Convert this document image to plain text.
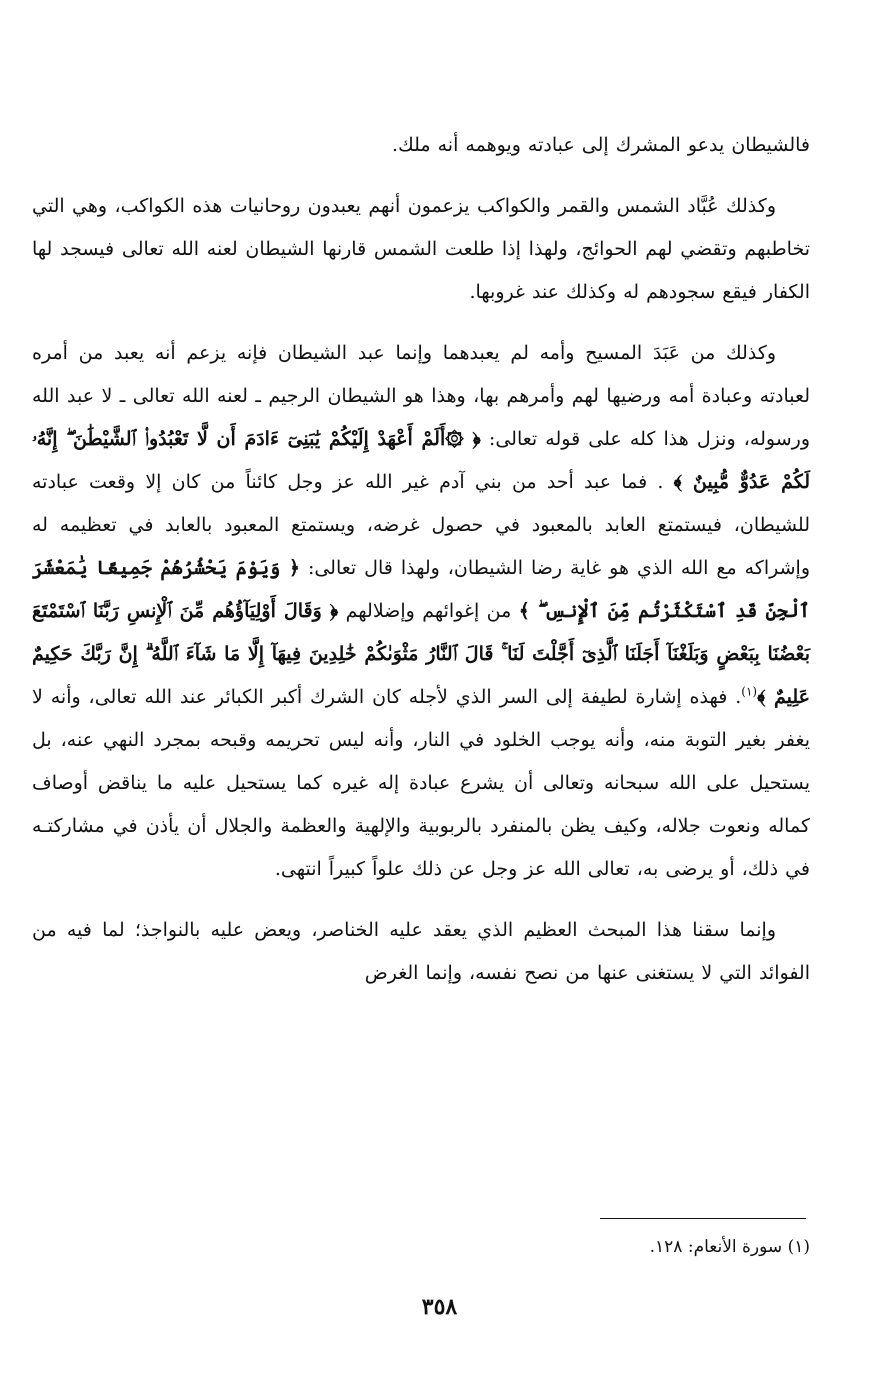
فالشيطان يدعو المشرك إلى عبادته ويوهمه أنه ملك.

وكذلك عُبَّاد الشمس والقمر والكواكب يزعمون أنهم يعبدون روحانيات هذه الكواكب، وهي التي تخاطبهم وتقضي لهم الحوائج، ولهذا إذا طلعت الشمس قارنها الشيطان لعنه الله تعالى فيسجد لها الكفار فيقع سجودهم له وكذلك عند غروبها.

وكذلك من عَبَدَ المسيح وأمه لم يعبدهما وإنما عبد الشيطان فإنه يزعم أنه يعبد من أمره لعبادته وعبادة أمه ورضيها لهم وأمرهم بها، وهذا هو الشيطان الرجيم ـ لعنه الله تعالى ـ لا عبد الله ورسوله، ونزل هذا كله على قوله تعالى: ﴿ ۞أَلَمْ أَعْهَدْ إِلَيْكُمْ يَٰبَنِىٓ ءَادَمَ أَن لَّا تَعْبُدُوا۟ ٱلشَّيْطَٰنَ ۖ إِنَّهُۥ لَكُمْ عَدُوٌّ مُّبِينٌ ﴾ . فما عبد أحد من بني آدم غير الله عز وجل كائناً من كان إلا وقعت عبادته للشيطان، فيستمتع العابد بالمعبود في حصول غرضه، ويستمتع المعبود بالعابد في تعظيمه له وإشراكه مع الله الذي هو غاية رضا الشيطان، ولهذا قال تعالى: ﴿ وَيَوْمَ يَحْشُرُهُمْ جَمِيعًا يَٰمَعْشَرَ ٱلْجِنِّ قَدِ ٱسْتَكْثَرْتُم مِّنَ ٱلْإِنسِ ۖ ﴾ من إغوائهم وإضلالهم ﴿ وَقَالَ أَوْلِيَآؤُهُم مِّنَ ٱلْإِنسِ رَبَّنَا ٱسْتَمْتَعَ بَعْضُنَا بِبَعْضٍ وَبَلَغْنَآ أَجَلَنَا ٱلَّذِىٓ أَجَّلْتَ لَنَا ۚ قَالَ ٱلنَّارُ مَثْوَىٰكُمْ خَٰلِدِينَ فِيهَآ إِلَّا مَا شَآءَ ٱللَّهُ ۗ إِنَّ رَبَّكَ حَكِيمٌ عَلِيمٌ ﴾$^{(١)}$. فهذه إشارة لطيفة إلى السر الذي لأجله كان الشرك أكبر الكبائر عند الله تعالى، وأنه لا يغفر بغير التوبة منه، وأنه يوجب الخلود في النار، وأنه ليس تحريمه وقبحه بمجرد النهي عنه، بل يستحيل على الله سبحانه وتعالى أن يشرع عبادة إله غيره كما يستحيل عليه ما يناقض أوصاف كماله ونعوت جلاله، وكيف يظن بالمنفرد بالربوبية والإلهية والعظمة والجلال أن يأذن في مشاركتـه في ذلك، أو يرضى به، تعالى الله عز وجل عن ذلك علواً كبيراً انتهى.

وإنما سقنا هذا المبحث العظيم الذي يعقد عليه الخناصر، ويعض عليه بالنواجذ؛ لما فيه من الفوائد التي لا يستغنى عنها من نصح نفسه، وإنما الغرض

(١) سورة الأنعام: ١٢٨.
٣٥٨
